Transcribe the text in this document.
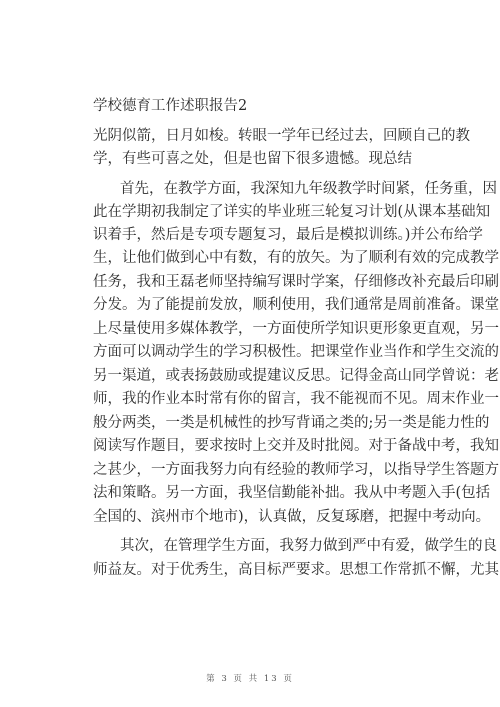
学校德育工作述职报告2
光阴似箭，日月如梭。转眼一学年已经过去，回顾自己的教
学，有些可喜之处，但是也留下很多遗憾。现总结
首先，在教学方面，我深知九年级教学时间紧，任务重，因
此在学期初我制定了详实的毕业班三轮复习计划(从课本基础知
识着手，然后是专项专题复习，最后是模拟训练。)并公布给学
生，让他们做到心中有数，有的放矢。为了顺利有效的完成教学
任务，我和王磊老师坚持编写课时学案，仔细修改补充最后印刷
分发。为了能提前发放，顺利使用，我们通常是周前准备。课堂
上尽量使用多媒体教学，一方面使所学知识更形象更直观，另一
方面可以调动学生的学习积极性。把课堂作业当作和学生交流的
另一渠道，或表扬鼓励或提建议反思。记得金高山同学曾说：老
师，我的作业本时常有你的留言，我不能视而不见。周末作业一
般分两类，一类是机械性的抄写背诵之类的;另一类是能力性的
阅读写作题目，要求按时上交并及时批阅。对于备战中考，我知
之甚少，一方面我努力向有经验的教师学习，以指导学生答题方
法和策略。另一方面，我坚信勤能补拙。我从中考题入手(包括
全国的、滨州市个地市)，认真做，反复琢磨，把握中考动向。
其次，在管理学生方面，我努力做到严中有爱，做学生的良
师益友。对于优秀生，高目标严要求。思想工作常抓不懈，尤其
第 3 页 共 13 页
